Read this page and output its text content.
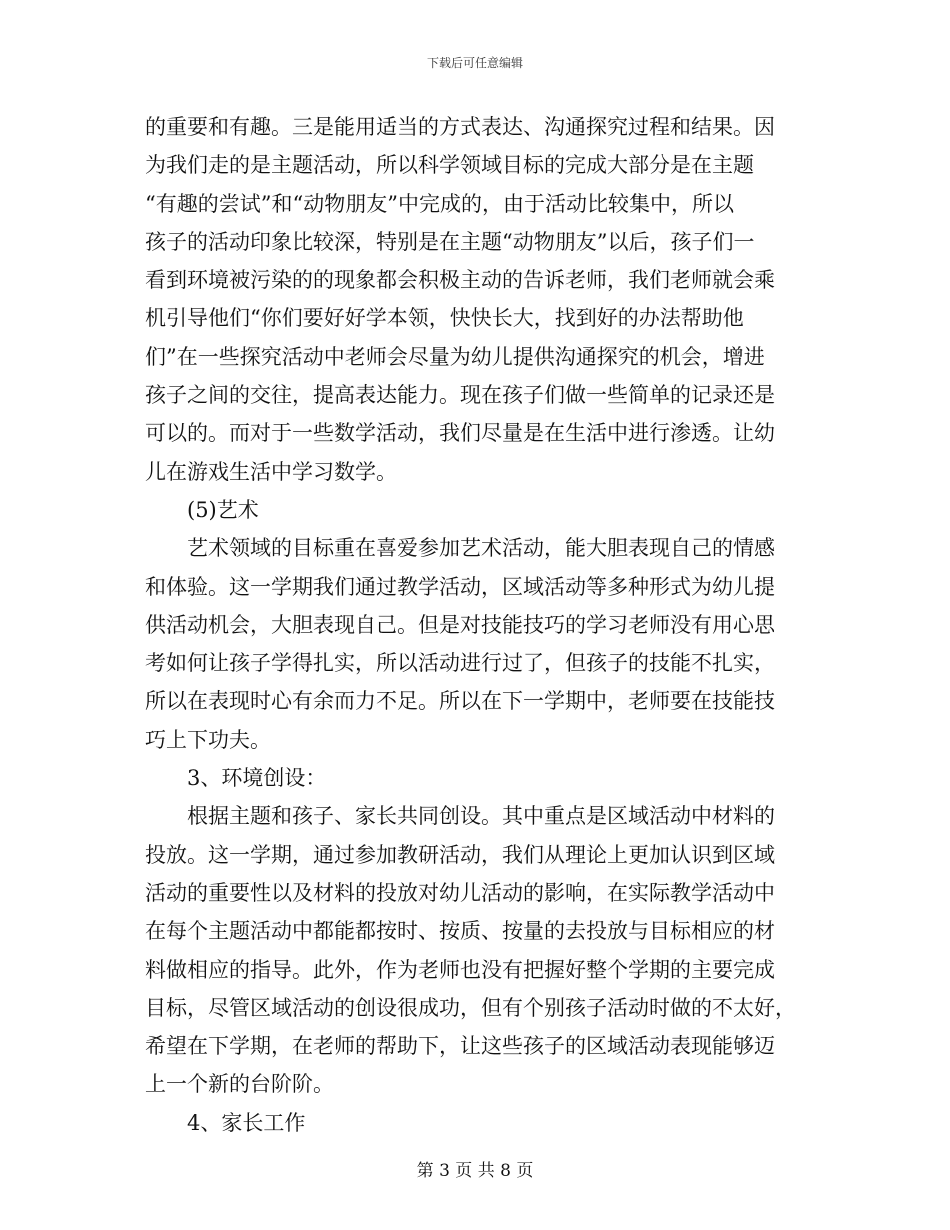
下载后可任意编辑
的重要和有趣。三是能用适当的方式表达、沟通探究过程和结果。因
为我们走的是主题活动，所以科学领域目标的完成大部分是在主题
“有趣的尝试”和“动物朋友”中完成的，由于活动比较集中，所以
孩子的活动印象比较深，特别是在主题“动物朋友”以后，孩子们一
看到环境被污染的的现象都会积极主动的告诉老师，我们老师就会乘
机引导他们“你们要好好学本领，快快长大，找到好的办法帮助他
们”在一些探究活动中老师会尽量为幼儿提供沟通探究的机会，增进
孩子之间的交往，提高表达能力。现在孩子们做一些简单的记录还是
可以的。而对于一些数学活动，我们尽量是在生活中进行渗透。让幼
儿在游戏生活中学习数学。
(5)艺术
艺术领域的目标重在喜爱参加艺术活动，能大胆表现自己的情感
和体验。这一学期我们通过教学活动，区域活动等多种形式为幼儿提
供活动机会，大胆表现自己。但是对技能技巧的学习老师没有用心思
考如何让孩子学得扎实，所以活动进行过了，但孩子的技能不扎实，
所以在表现时心有余而力不足。所以在下一学期中，老师要在技能技
巧上下功夫。
3、环境创设：
根据主题和孩子、家长共同创设。其中重点是区域活动中材料的
投放。这一学期，通过参加教研活动，我们从理论上更加认识到区域
活动的重要性以及材料的投放对幼儿活动的影响，在实际教学活动中
在每个主题活动中都能都按时、按质、按量的去投放与目标相应的材
料做相应的指导。此外，作为老师也没有把握好整个学期的主要完成
目标，尽管区域活动的创设很成功，但有个别孩子活动时做的不太好，
希望在下学期，在老师的帮助下，让这些孩子的区域活动表现能够迈
上一个新的台阶阶。
4、家长工作
第 3 页 共 8 页
